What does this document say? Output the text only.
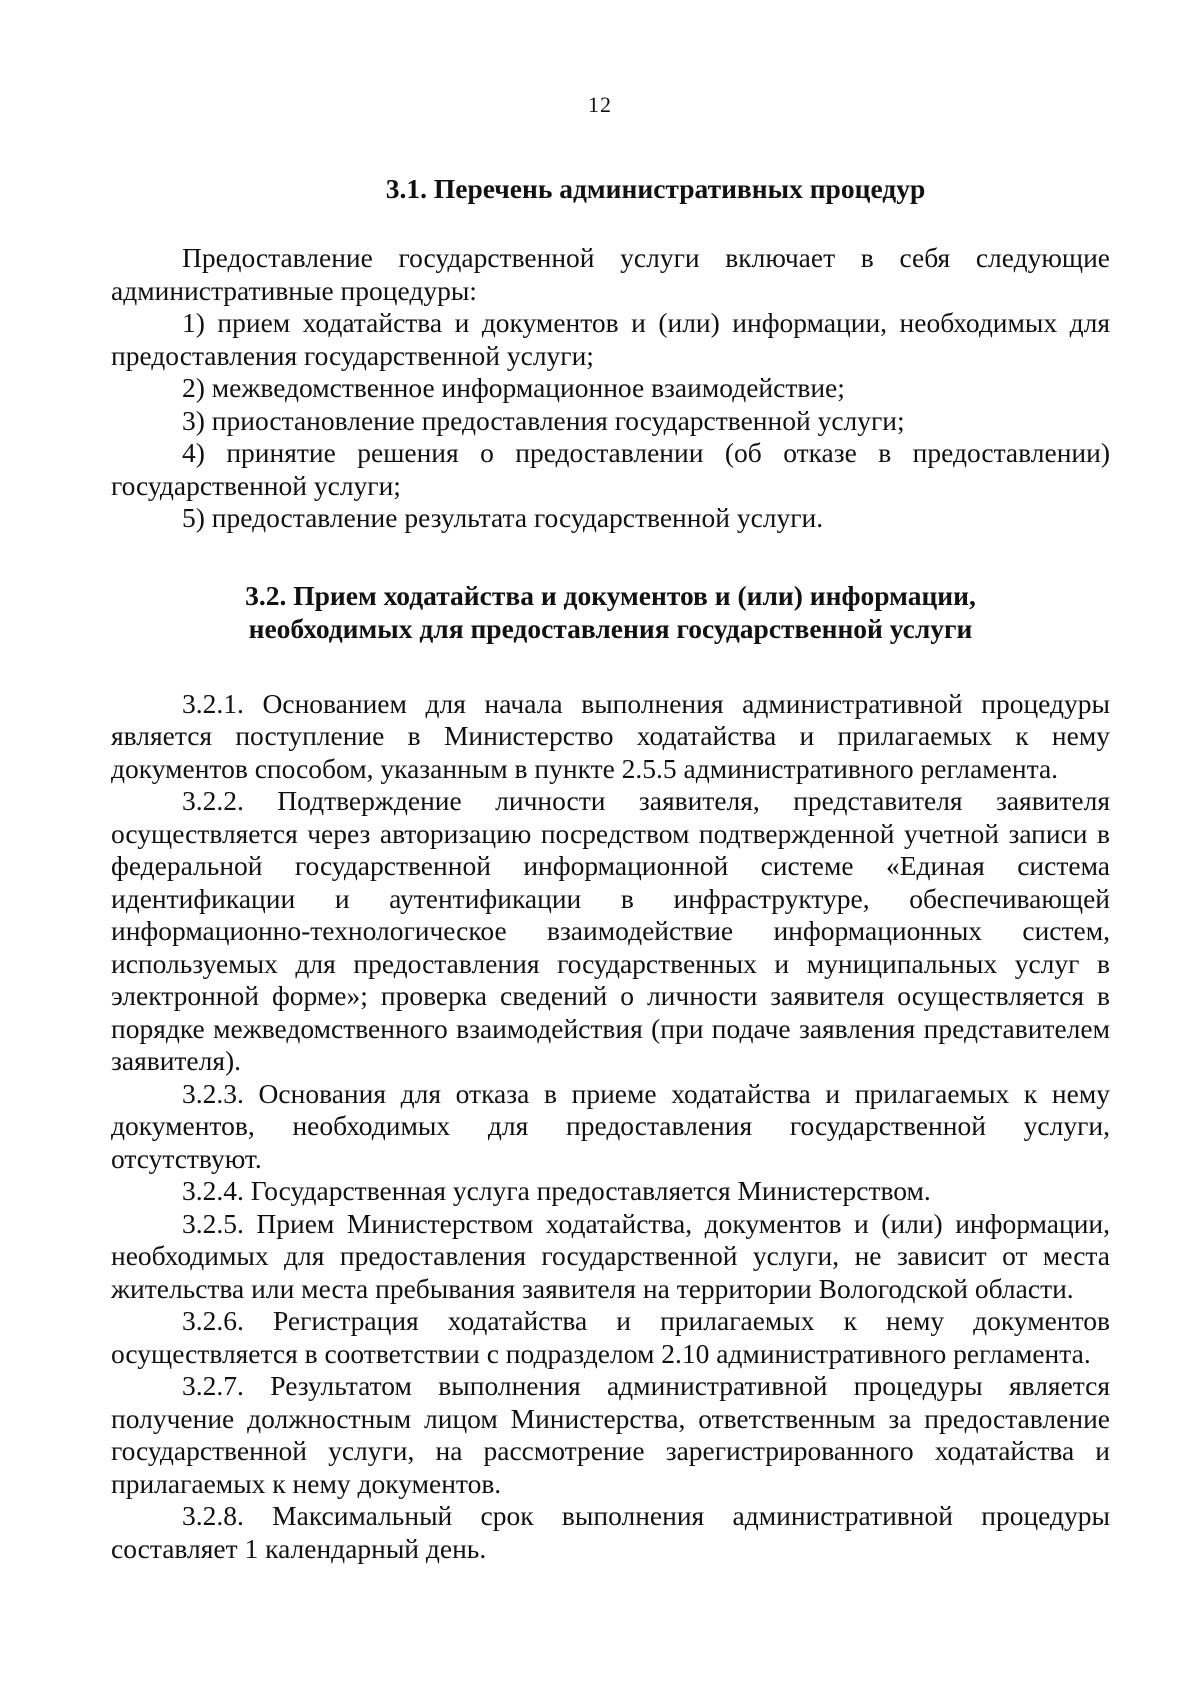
12
3.1. Перечень административных процедур

Предоставление государственной услуги включает в себя следующие административные процедуры:

1) прием ходатайства и документов и (или) информации, необходимых для предоставления государственной услуги;

2) межведомственное информационное взаимодействие;

3) приостановление предоставления государственной услуги;

4) принятие решения о предоставлении (об отказе в предоставлении) государственной услуги;

5) предоставление результата государственной услуги.

3.2. Прием ходатайства и документов и (или) информации,
необходимых для предоставления государственной услуги

3.2.1. Основанием для начала выполнения административной процедуры является поступление в Министерство ходатайства и прилагаемых к нему документов способом, указанным в пункте 2.5.5 административного регламента.

3.2.2. Подтверждение личности заявителя, представителя заявителя осуществляется через авторизацию посредством подтвержденной учетной записи в федеральной государственной информационной системе «Единая система идентификации и аутентификации в инфраструктуре, обеспечивающей информационно-технологическое взаимодействие информационных систем, используемых для предоставления государственных и муниципальных услуг в электронной форме»; проверка сведений о личности заявителя осуществляется в порядке межведомственного взаимодействия (при подаче заявления представителем заявителя).

3.2.3. Основания для отказа в приеме ходатайства и прилагаемых к нему документов, необходимых для предоставления государственной услуги, отсутствуют.

3.2.4. Государственная услуга предоставляется Министерством.

3.2.5. Прием Министерством ходатайства, документов и (или) информации, необходимых для предоставления государственной услуги, не зависит от места жительства или места пребывания заявителя на территории Вологодской области.

3.2.6. Регистрация ходатайства и прилагаемых к нему документов осуществляется в соответствии с подразделом 2.10 административного регламента.

3.2.7. Результатом выполнения административной процедуры является получение должностным лицом Министерства, ответственным за предоставление государственной услуги, на рассмотрение зарегистрированного ходатайства и прилагаемых к нему документов.

3.2.8. Максимальный срок выполнения административной процедуры составляет 1 календарный день.
